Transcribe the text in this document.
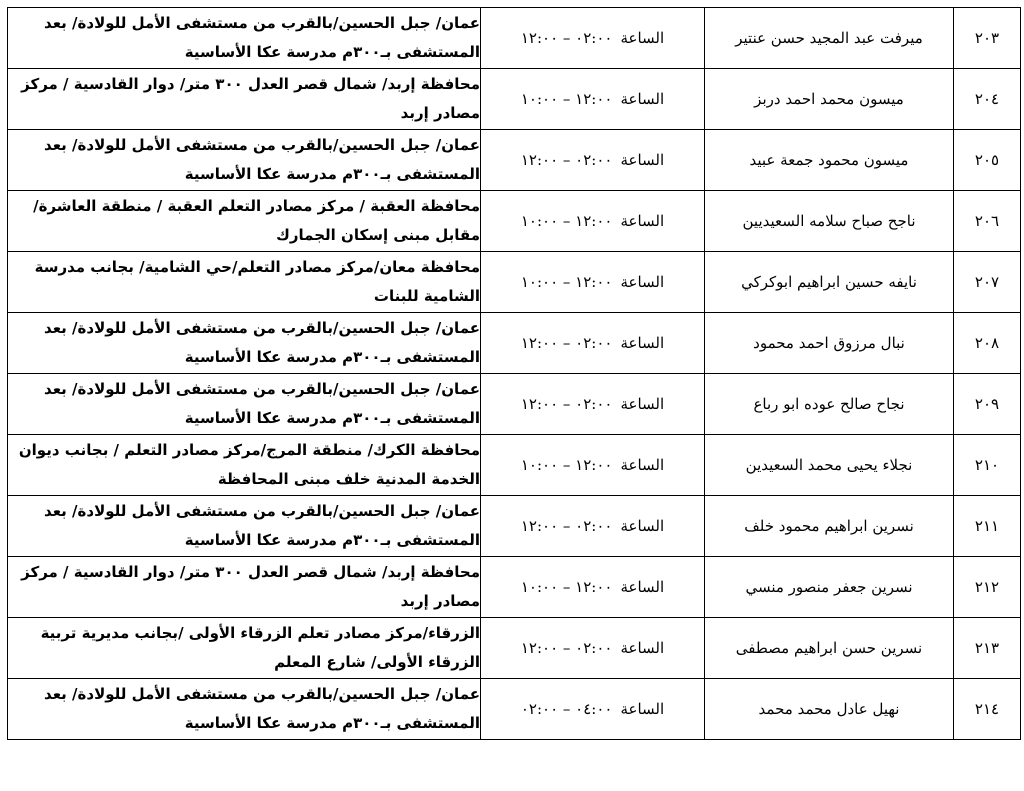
٢٠٣	ميرفت عبد المجيد حسن عنتير	الساعة٠٢:٠٠ – ١٢:٠٠	عمان/ جبل الحسين/بالقرب من مستشفى الأمل للولادة/ بعد المستشفى بـ٣٠٠م مدرسة عكا الأساسية
٢٠٤	ميسون محمد احمد دربز	الساعة١٢:٠٠ – ١٠:٠٠	محافظة إربد/ شمال قصر العدل ٣٠٠ متر/ دوار القادسية / مركز مصادر إربد
٢٠٥	ميسون محمود جمعة عبيد	الساعة٠٢:٠٠ – ١٢:٠٠	عمان/ جبل الحسين/بالقرب من مستشفى الأمل للولادة/ بعد المستشفى بـ٣٠٠م مدرسة عكا الأساسية
٢٠٦	ناجح صباح سلامه السعيديين	الساعة١٢:٠٠ – ١٠:٠٠	محافظة العقبة / مركز مصادر التعلم العقبة / منطقة العاشرة/ مقابل مبنى إسكان الجمارك
٢٠٧	نايفه حسين ابراهيم ابوكركي	الساعة١٢:٠٠ – ١٠:٠٠	محافظة معان/مركز مصادر التعلم/حي الشامية/ بجانب مدرسة الشامية للبنات
٢٠٨	نبال مرزوق احمد محمود	الساعة٠٢:٠٠ – ١٢:٠٠	عمان/ جبل الحسين/بالقرب من مستشفى الأمل للولادة/ بعد المستشفى بـ٣٠٠م مدرسة عكا الأساسية
٢٠٩	نجاح صالح عوده ابو رباع	الساعة٠٢:٠٠ – ١٢:٠٠	عمان/ جبل الحسين/بالقرب من مستشفى الأمل للولادة/ بعد المستشفى بـ٣٠٠م مدرسة عكا الأساسية
٢١٠	نجلاء يحيى محمد السعيدين	الساعة١٢:٠٠ – ١٠:٠٠	محافظة الكرك/ منطقة المرج/مركز مصادر التعلم / بجانب ديوان الخدمة المدنية خلف مبنى المحافظة
٢١١	نسرين ابراهيم محمود خلف	الساعة٠٢:٠٠ – ١٢:٠٠	عمان/ جبل الحسين/بالقرب من مستشفى الأمل للولادة/ بعد المستشفى بـ٣٠٠م مدرسة عكا الأساسية
٢١٢	نسرين جعفر منصور منسي	الساعة١٢:٠٠ – ١٠:٠٠	محافظة إربد/ شمال قصر العدل ٣٠٠ متر/ دوار القادسية / مركز مصادر إربد
٢١٣	نسرين حسن ابراهيم مصطفى	الساعة٠٢:٠٠ – ١٢:٠٠	الزرقاء/مركز مصادر تعلم الزرقاء الأولى /بجانب مديرية تربية الزرقاء الأولى/ شارع المعلم
٢١٤	نهيل عادل محمد محمد	الساعة٠٤:٠٠ – ٠٢:٠٠	عمان/ جبل الحسين/بالقرب من مستشفى الأمل للولادة/ بعد المستشفى بـ٣٠٠م مدرسة عكا الأساسية
